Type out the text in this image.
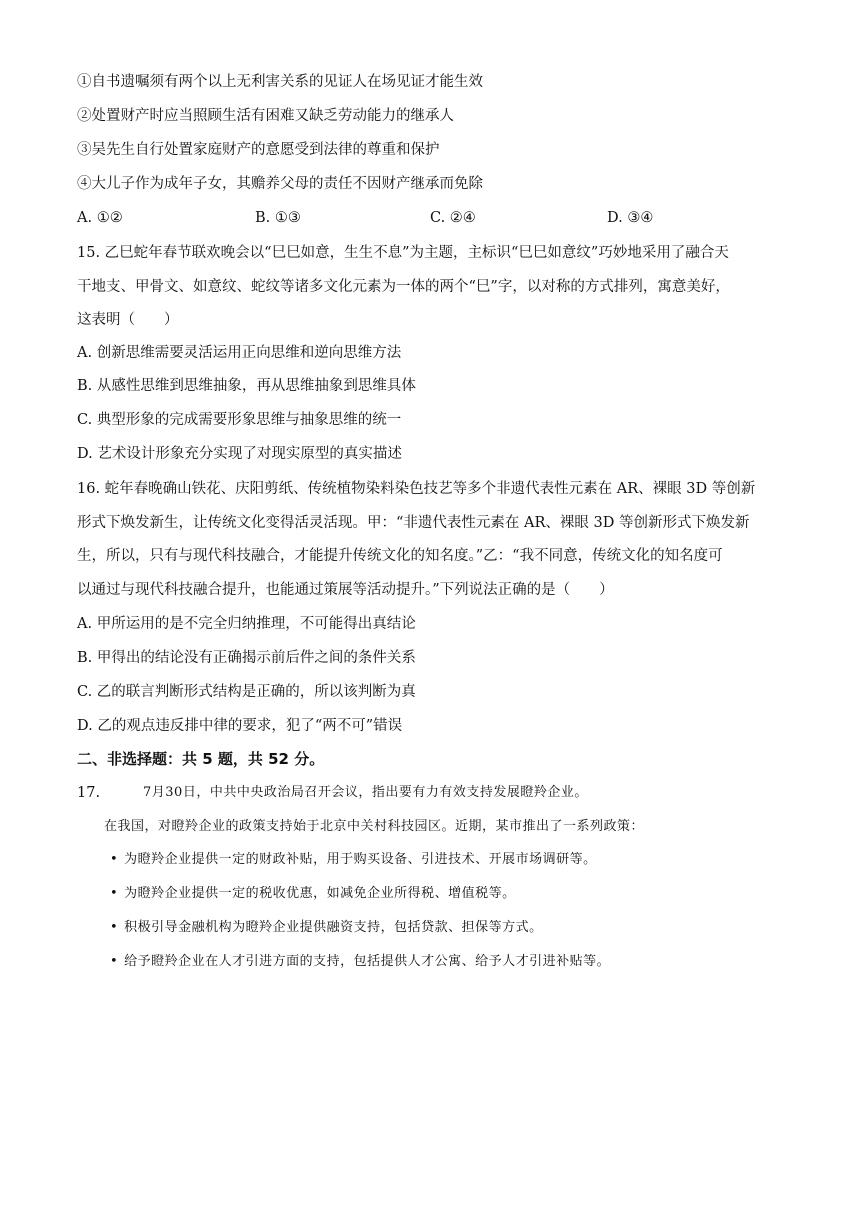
①自书遗嘱须有两个以上无利害关系的见证人在场见证才能生效
②处置财产时应当照顾生活有困难又缺乏劳动能力的继承人
③吴先生自行处置家庭财产的意愿受到法律的尊重和保护
④大儿子作为成年子女，其赡养父母的责任不因财产继承而免除
A. ①②	B. ①③	C. ②④	D. ③④
15. 乙巳蛇年春节联欢晚会以“巳巳如意，生生不息”为主题，主标识“巳巳如意纹”巧妙地采用了融合天
干地支、甲骨文、如意纹、蛇纹等诸多文化元素为一体的两个“巳”字，以对称的方式排列，寓意美好，
这表明（　　）
A. 创新思维需要灵活运用正向思维和逆向思维方法
B. 从感性思维到思维抽象，再从思维抽象到思维具体
C. 典型形象的完成需要形象思维与抽象思维的统一
D. 艺术设计形象充分实现了对现实原型的真实描述
16. 蛇年春晚确山铁花、庆阳剪纸、传统植物染料染色技艺等多个非遗代表性元素在 AR、裸眼 3D 等创新
形式下焕发新生，让传统文化变得活灵活现。甲：“非遗代表性元素在 AR、裸眼 3D 等创新形式下焕发新
生，所以，只有与现代科技融合，才能提升传统文化的知名度。”乙：“我不同意，传统文化的知名度可
以通过与现代科技融合提升，也能通过策展等活动提升。”下列说法正确的是（　　）
A. 甲所运用的是不完全归纳推理，不可能得出真结论
B. 甲得出的结论没有正确揭示前后件之间的条件关系
C. 乙的联言判断形式结构是正确的，所以该判断为真
D. 乙的观点违反排中律的要求，犯了“两不可”错误
二、非选择题：共 5 题，共 52 分。
17.	7月30日，中共中央政治局召开会议，指出要有力有效支持发展瞪羚企业。
在我国，对瞪羚企业的政策支持始于北京中关村科技园区。近期，某市推出了一系列政策：
• 为瞪羚企业提供一定的财政补贴，用于购买设备、引进技术、开展市场调研等。
• 为瞪羚企业提供一定的税收优惠，如减免企业所得税、增值税等。
• 积极引导金融机构为瞪羚企业提供融资支持，包括贷款、担保等方式。
• 给予瞪羚企业在人才引进方面的支持，包括提供人才公寓、给予人才引进补贴等。
